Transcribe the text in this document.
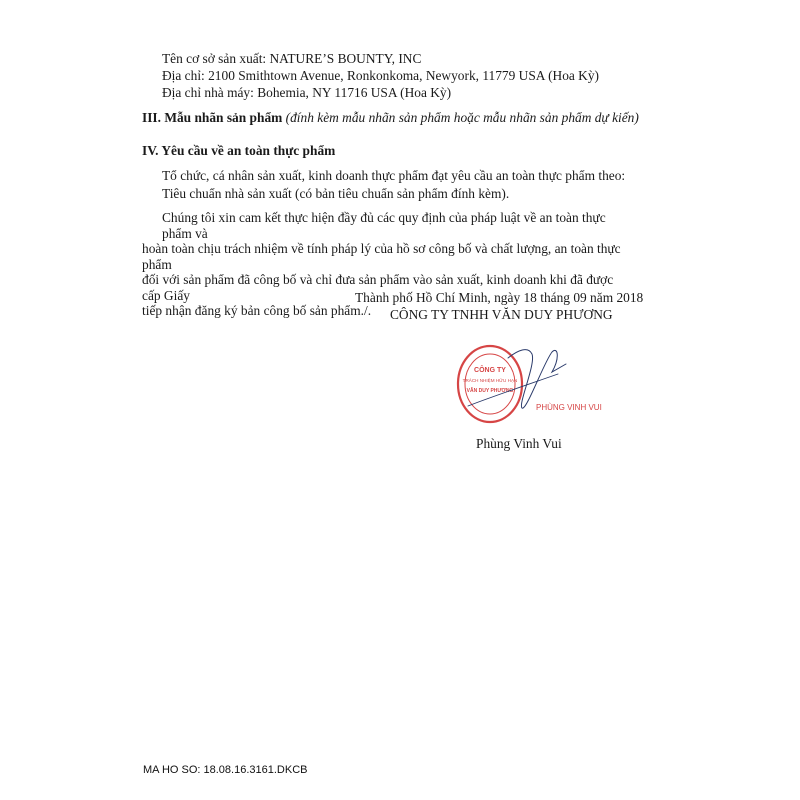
Tên cơ sở sản xuất: NATURE’S BOUNTY, INC
Địa chỉ: 2100 Smithtown Avenue, Ronkonkoma, Newyork, 11779 USA (Hoa Kỳ)
Địa chỉ nhà máy: Bohemia, NY 11716 USA (Hoa Kỳ)
III. Mẫu nhãn sản phẩm (đính kèm mẫu nhãn sản phẩm hoặc mẫu nhãn sản phẩm dự kiến)
IV. Yêu cầu về an toàn thực phẩm
Tổ chức, cá nhân sản xuất, kinh doanh thực phẩm đạt yêu cầu an toàn thực phẩm theo:
Tiêu chuẩn nhà sản xuất (có bản tiêu chuẩn sản phẩm đính kèm).
Chúng tôi xin cam kết thực hiện đầy đủ các quy định của pháp luật về an toàn thực phẩm và
hoàn toàn chịu trách nhiệm về tính pháp lý của hồ sơ công bố và chất lượng, an toàn thực phẩm
đối với sản phẩm đã công bố và chỉ đưa sản phẩm vào sản xuất, kinh doanh khi đã được cấp Giấy
tiếp nhận đăng ký bản công bố sản phẩm./.
Thành phố Hồ Chí Minh, ngày 18 tháng 09 năm 2018
CÔNG TY TNHH VĂN DUY PHƯƠNG
CÔNG TY
TRÁCH NHIỆM HỮU HẠN
VĂN DUY PHƯƠNG
PHÙNG VINH VUI
Phùng Vinh Vui
MA HO SO: 18.08.16.3161.DKCB
